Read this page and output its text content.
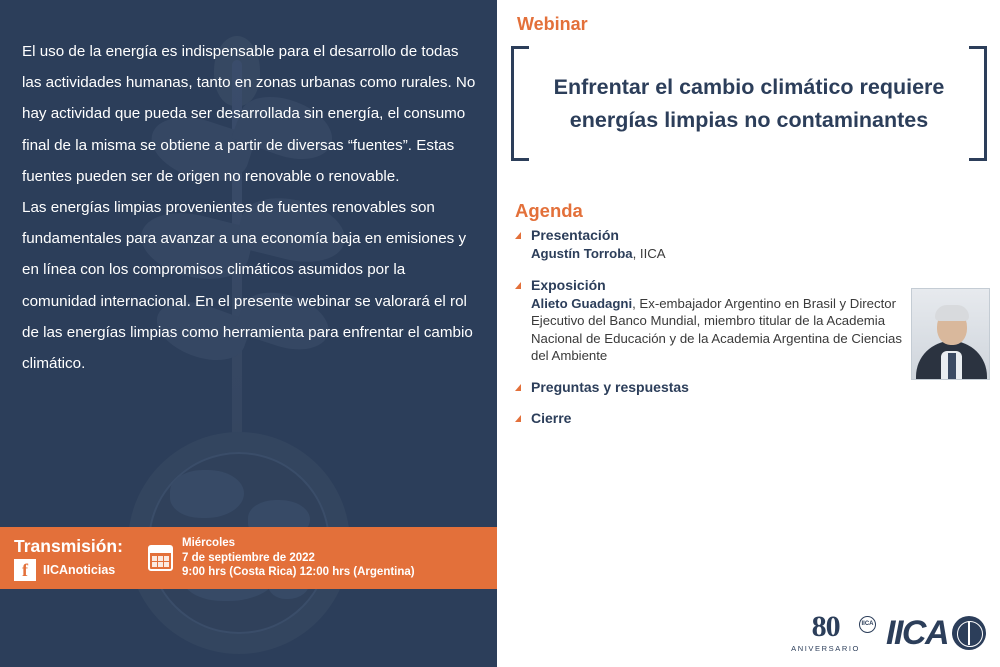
El uso de la energía es indispensable para el desarrollo de todas las actividades humanas, tanto en zonas urbanas como rurales. No hay actividad que pueda ser desarrollada sin energía, el consumo final de la misma se obtiene a partir de diversas “fuentes”. Estas fuentes pueden ser de origen no renovable o renovable.

Las energías limpias provenientes de fuentes renovables son fundamentales para avanzar a una economía baja en emisiones y en línea con los compromisos climáticos asumidos por la comunidad internacional. En el presente webinar se valorará el rol de las energías limpias como herramienta para enfrentar el cambio climático.

Transmisión:
f	IICAnoticias
Miércoles
7 de septiembre de 2022
9:00 hrs (Costa Rica) 12:00 hrs (Argentina)
Webinar
Enfrentar el cambio climático requiere energías limpias no contaminantes
Agenda
Presentación
Agustín Torroba, IICA
Exposición
Alieto Guadagni, Ex-embajador Argentino en Brasil y Director Ejecutivo del Banco Mundial, miembro titular de la Academia Nacional de Educación y de la Academia Argentina de Ciencias del Ambiente
Preguntas y respuestas
Cierre
80
ANIVERSARIO
IICA IICA
